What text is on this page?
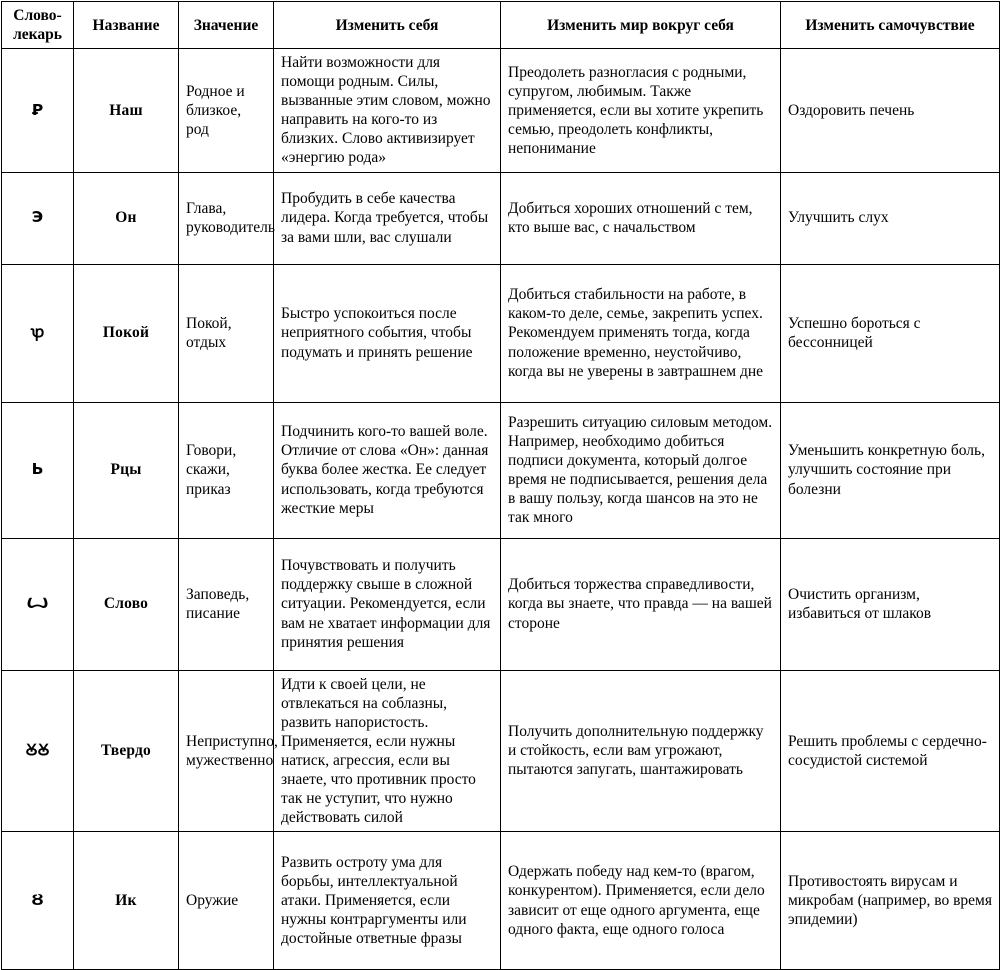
Слово-
лекарь	Название	Значение	Изменить себя	Изменить мир вокруг себя	Изменить самочувствие
Ꝑ	Наш	Родное и близкое, род	Найти возможности для помощи родным. Силы, вызванные этим словом, можно направить на кого-то из близких. Слово активизирует «энергию рода»	Преодолеть разногласия с родными, супругом, любимым. Также применяется, если вы хотите укрепить семью, преодолеть конфликты, непонимание	Оздоровить печень
Э	Он	Глава, руководитель	Пробудить в себе качества лидера. Когда требуется, чтобы за вами шли, вас слушали	Добиться хороших отношений с тем, кто выше вас, с начальством	Улучшить слух
ꝕ	Покой	Покой, отдых	Быстро успокоиться после неприятного события, чтобы подумать и принять решение	Добиться стабильности на работе, в каком-то деле, семье, закрепить успех. Рекомендуем применять тогда, когда положение временно, неустойчиво, когда вы не уверены в завтрашнем дне	Успешно бороться с бессонницей
Ь	Рцы	Говори, скажи, приказ	Подчинить кого-то вашей воле. Отличие от слова «Он»: данная буква более жестка. Ее следует использовать, когда требуются жесткие меры	Разрешить ситуацию силовым методом. Например, необходимо добиться подписи документа, который долгое время не подписывается, решения дела в вашу пользу, когда шансов на это не так много	Уменьшить конкретную боль, улучшить состояние при болезни
Ꙍ	Слово	Заповедь, писание	Почувствовать и получить поддержку свыше в сложной ситуации. Рекомендуется, если вам не хватает информации для принятия решения	Добиться торжества справедливости, когда вы знаете, что правда — на вашей стороне	Очистить организм, избавиться от шлаков
ꙊꙊ	Твердо	Неприступно, мужественно	Идти к своей цели, не отвлекаться на соблазны, развить напористость. Применяется, если нужны натиск, агрессия, если вы знаете, что противник просто так не уступит, что нужно действовать силой	Получить дополнительную поддержку и стойкость, если вам угрожают, пытаются запугать, шантажировать	Решить проблемы с сердечно-сосудистой системой
Ȣ	Ик	Оружие	Развить остроту ума для борьбы, интеллектуальной атаки. Применяется, если нужны контраргументы или достойные ответные фразы	Одержать победу над кем-то (врагом, конкурентом). Применяется, если дело зависит от еще одного аргумента, еще одного факта, еще одного голоса	Противостоять вирусам и микробам (например, во время эпидемии)
